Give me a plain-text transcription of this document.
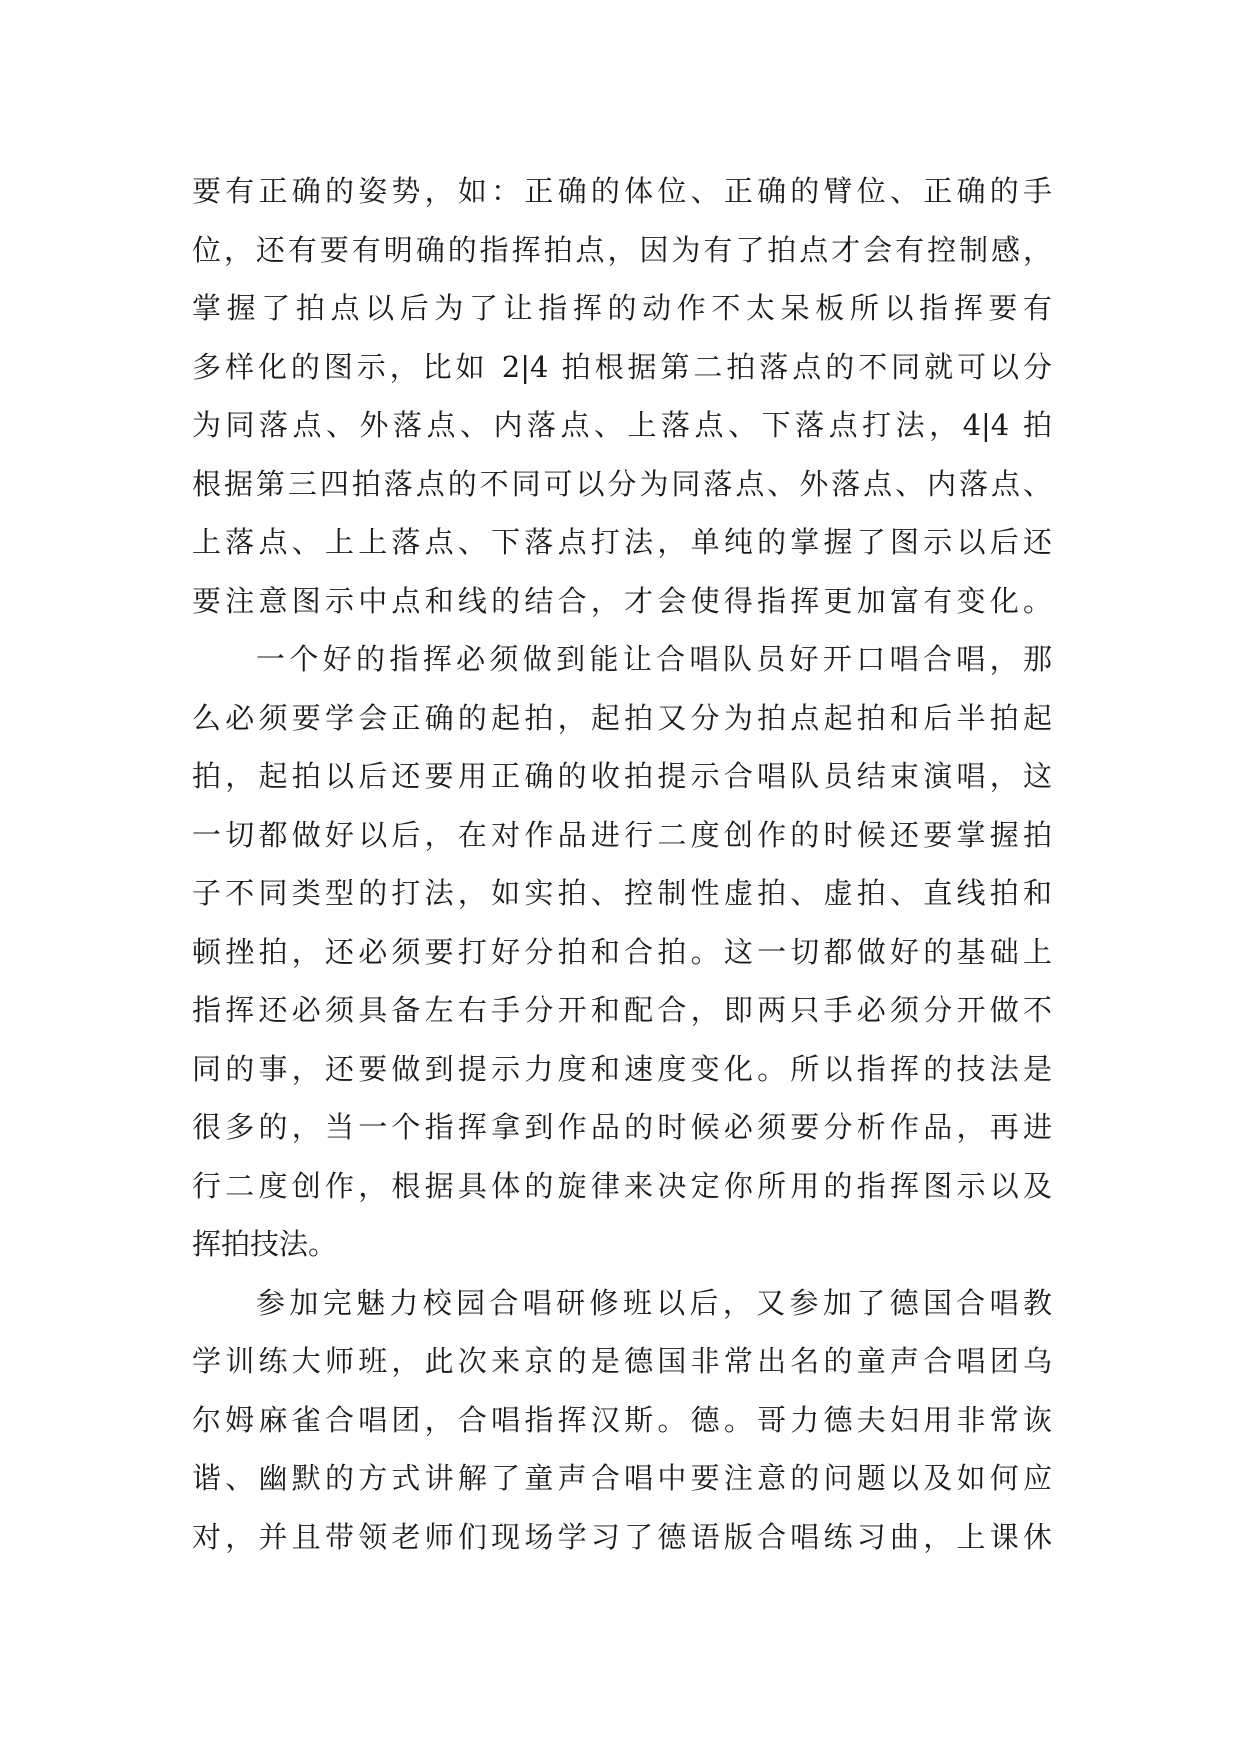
要有正确的姿势，如：正确的体位、正确的臂位、正确的手
位，还有要有明确的指挥拍点，因为有了拍点才会有控制感，
掌握了拍点以后为了让指挥的动作不太呆板所以指挥要有
多样化的图示，比如 2|4 拍根据第二拍落点的不同就可以分
为同落点、外落点、内落点、上落点、下落点打法，4|4 拍
根据第三四拍落点的不同可以分为同落点、外落点、内落点、
上落点、上上落点、下落点打法，单纯的掌握了图示以后还
要注意图示中点和线的结合，才会使得指挥更加富有变化。
一个好的指挥必须做到能让合唱队员好开口唱合唱，那
么必须要学会正确的起拍，起拍又分为拍点起拍和后半拍起
拍，起拍以后还要用正确的收拍提示合唱队员结束演唱，这
一切都做好以后，在对作品进行二度创作的时候还要掌握拍
子不同类型的打法，如实拍、控制性虚拍、虚拍、直线拍和
顿挫拍，还必须要打好分拍和合拍。这一切都做好的基础上
指挥还必须具备左右手分开和配合，即两只手必须分开做不
同的事，还要做到提示力度和速度变化。所以指挥的技法是
很多的，当一个指挥拿到作品的时候必须要分析作品，再进
行二度创作，根据具体的旋律来决定你所用的指挥图示以及
挥拍技法。
参加完魅力校园合唱研修班以后，又参加了德国合唱教
学训练大师班，此次来京的是德国非常出名的童声合唱团乌
尔姆麻雀合唱团，合唱指挥汉斯。德。哥力德夫妇用非常诙
谐、幽默的方式讲解了童声合唱中要注意的问题以及如何应
对，并且带领老师们现场学习了德语版合唱练习曲，上课休
